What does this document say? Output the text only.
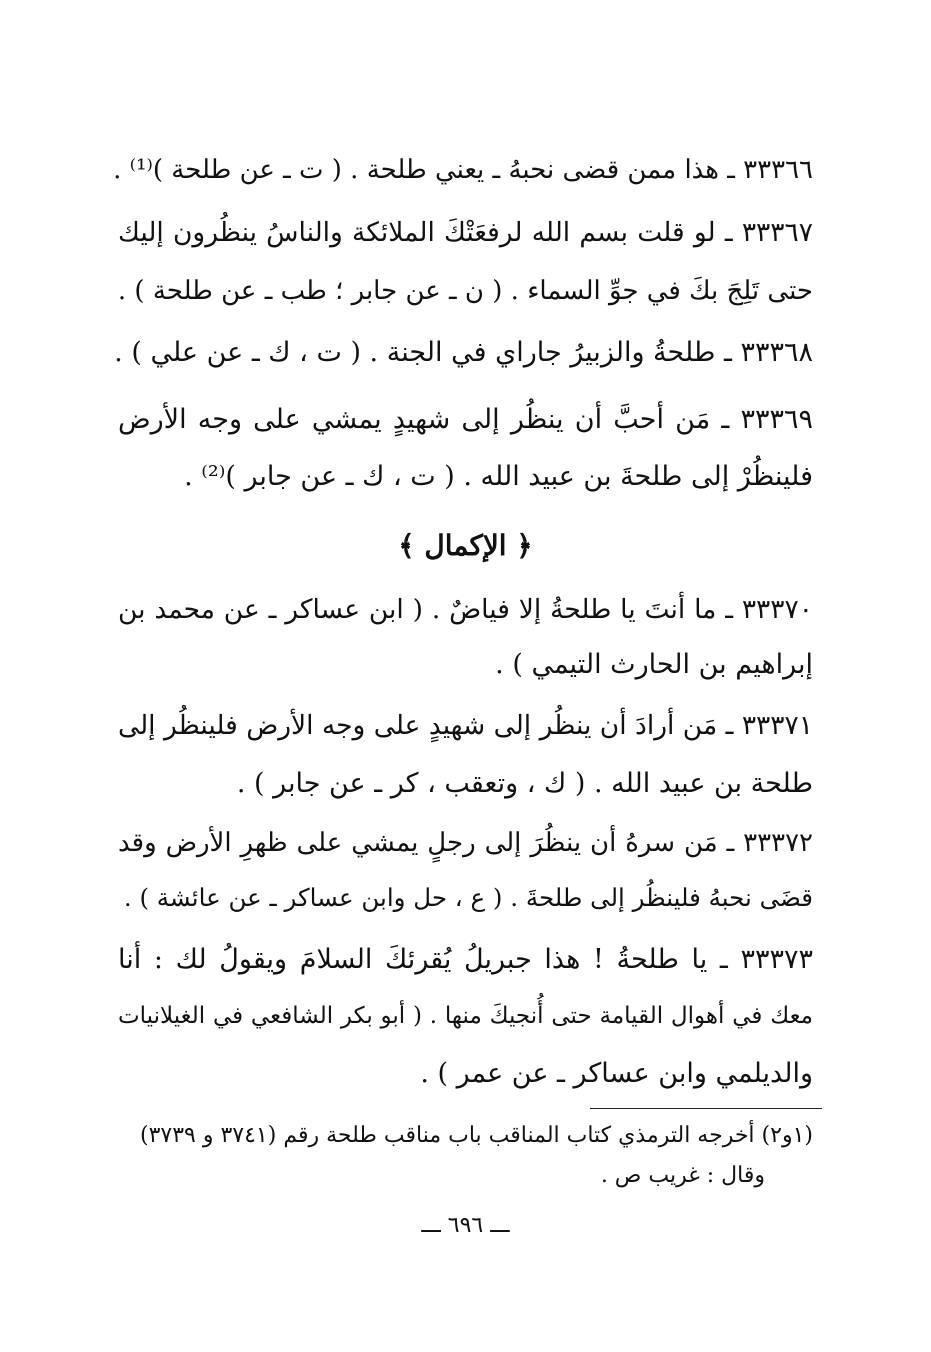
٣٣٣٦٦ ـ هذا ممن قضى نحبهُ ـ يعني طلحة . ( ت ـ عن طلحة )⁽¹⁾ .
٣٣٣٦٧ ـ لو قلت بسم الله لرفعَتْكَ الملائكة والناسُ ينظُرون إليك
حتى تَلِجَ بكَ في جوِّ السماء . ( ن ـ عن جابر ؛ طب ـ عن طلحة ) .
٣٣٣٦٨ ـ طلحةُ والزبيرُ جاراي في الجنة . ( ت ، ك ـ عن علي ) .
٣٣٣٦٩ ـ مَن أحبَّ أن ينظُر إلى شهيدٍ يمشي على وجه الأرض
فلينظُرْ إلى طلحةَ بن عبيد الله . ( ت ، ك ـ عن جابر )⁽²⁾ .
﴿ الإكمال ﴾
٣٣٣٧٠ ـ ما أنتَ يا طلحةُ إلا فياضٌ . ( ابن عساكر ـ عن محمد بن
إبراهيم بن الحارث التيمي ) .
٣٣٣٧١ ـ مَن أرادَ أن ينظُر إلى شهيدٍ على وجه الأرض فلينظُر إلى
طلحة بن عبيد الله . ( ك ، وتعقب ، كر ـ عن جابر ) .
٣٣٣٧٢ ـ مَن سرهُ أن ينظُرَ إلى رجلٍ يمشي على ظهرِ الأرض وقد
قضَى نحبهُ فلينظُر إلى طلحةَ . ( ع ، حل وابن عساكر ـ عن عائشة ) .
٣٣٣٧٣ ـ يا طلحةُ ! هذا جبريلُ يُقرئكَ السلامَ ويقولُ لك : أنا
معك في أهوال القيامة حتى أُنجيكَ منها . ( أبو بكر الشافعي في الغيلانيات
والديلمي وابن عساكر ـ عن عمر ) .
(١و٢) أخرجه الترمذي كتاب المناقب باب مناقب طلحة رقم (٣٧٤١ و ٣٧٣٩)
وقال : غريب ص .
ـــ ٦٩٦ ـــ
